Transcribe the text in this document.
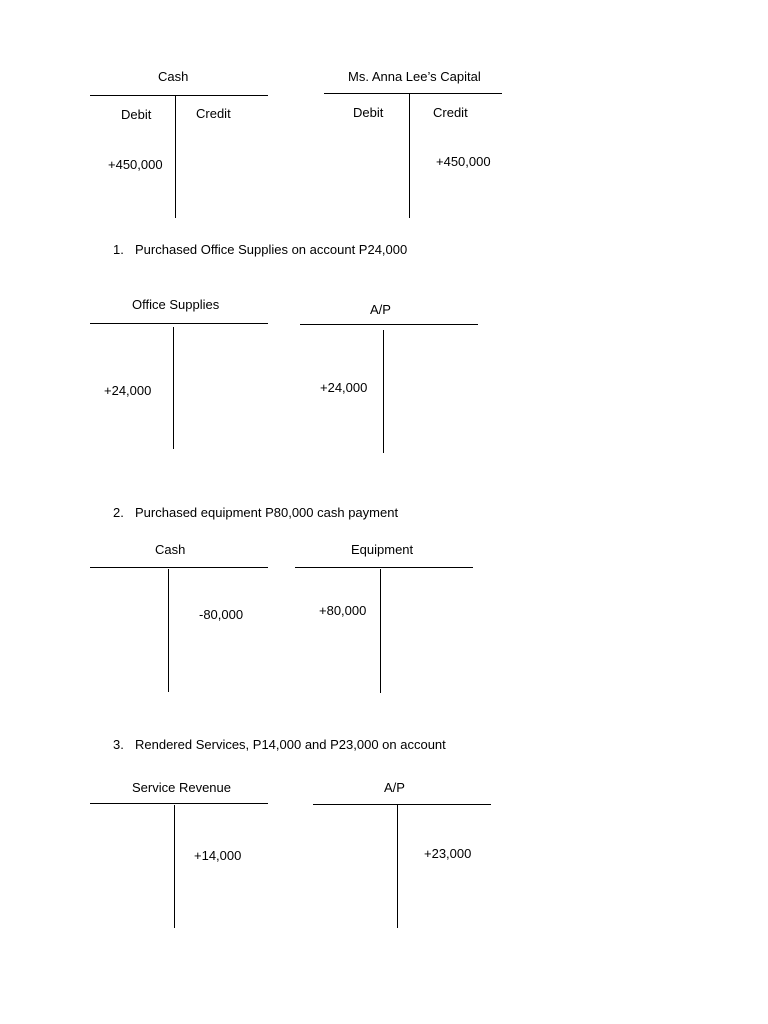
Cash
Debit	Credit
+450,000
Ms. Anna Lee’s Capital
Debit	Credit
+450,000
1. Purchased Office Supplies on account P24,000
Office Supplies
+24,000
A/P
+24,000
2. Purchased equipment P80,000 cash payment
Cash
-80,000
Equipment
+80,000
3. Rendered Services, P14,000 and P23,000 on account
Service Revenue
+14,000
A/P
+23,000
